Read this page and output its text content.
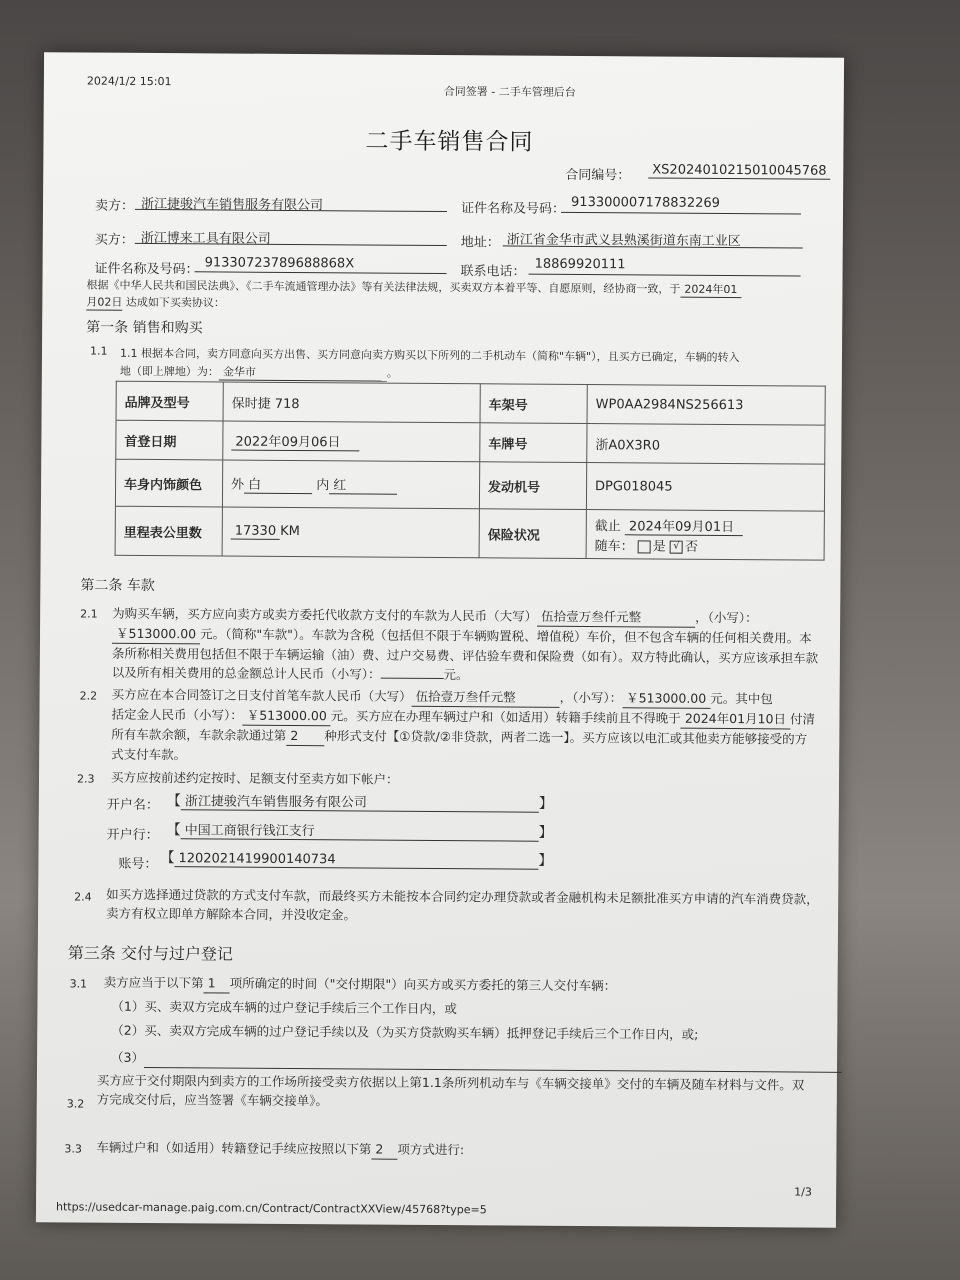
2024/1/2 15:01
合同签署 - 二手车管理后台
二手车销售合同
合同编号：	XS2024010215010045768
卖方： 浙江捷骏汽车销售服务有限公司	证件名称及号码： 913300007178832269
买方： 浙江博来工具有限公司	地址： 浙江省金华市武义县熟溪街道东南工业区
证件名称及号码： 91330723789688868X
联系电话： 18869920111
根据《中华人民共和国民法典》、《二手车流通管理办法》等有关法律法规，买卖双方本着平等、自愿原则，经协商一致，于 2024年01
月02日 达成如下买卖协议：
第一条 销售和购买
1.1 1.1 根据本合同，卖方同意向买方出售、买方同意向卖方购买以下所列的二手机动车（简称"车辆"），且买方已确定，车辆的转入
地（即上牌地）为： 金华市	。
品牌及型号	保时捷 718	车架号	WP0AA2984NS256613
首登日期	2022年09月06日	车牌号	浙A0X3R0
车身内饰颜色	外 白 内 红	发动机号	DPG018045
里程表公里数	17330 KM	保险状况	截止 2024年09月01日
随车： 是 √ 否
第二条 车款
2.1 为购买车辆，买方应向卖方或卖方委托代收款方支付的车款为人民币（大写） 伍拾壹万叁仟元整	，（小写）：
￥513000.00 元。（简称"车款"）。车款为含税（包括但不限于车辆购置税、增值税）车价，但不包含车辆的任何相关费用。本
条所称相关费用包括但不限于车辆运输（油）费、过户交易费、评估验车费和保险费（如有）。双方特此确认，买方应该承担车款
以及所有相关费用的总金额总计人民币（小写）：	元。
2.2 买方应在本合同签订之日支付首笔车款人民币（大写） 伍拾壹万叁仟元整	，（小写）： ￥513000.00 元。其中包
括定金人民币（小写）： ￥513000.00 元。买方应在办理车辆过户和（如适用）转籍手续前且不得晚于 2024年01月10日 付清
所有车款余额，车款余款通过第 2 种形式支付【①贷款/②非贷款，两者二选一】。买方应该以电汇或其他卖方能够接受的方
式支付车款。
2.3 买方应按前述约定按时、足额支付至卖方如下帐户：
开户名： 【 浙江捷骏汽车销售服务有限公司	】
开户行： 【 中国工商银行钱江支行	】
账号： 【 1202021419900140734	】
2.4 如买方选择通过贷款的方式支付车款，而最终买方未能按本合同约定办理贷款或者金融机构未足额批准买方申请的汽车消费贷款，
卖方有权立即单方解除本合同，并没收定金。
第三条 交付与过户登记
3.1 卖方应当于以下第 1 项所确定的时间（"交付期限"）向买方或买方委托的第三人交付车辆：
（1）买、卖双方完成车辆的过户登记手续后三个工作日内，或
（2）买、卖双方完成车辆的过户登记手续以及（为买方贷款购买车辆）抵押登记手续后三个工作日内，或;
（3）
3.2
买方应于交付期限内到卖方的工作场所接受卖方依据以上第1.1条所列机动车与《车辆交接单》交付的车辆及随车材料与文件。双
方完成交付后，应当签署《车辆交接单》。
3.3 车辆过户和（如适用）转籍登记手续应按照以下第 2 项方式进行:
1/3
https://usedcar-manage.paig.com.cn/Contract/ContractXXView/45768?type=5
